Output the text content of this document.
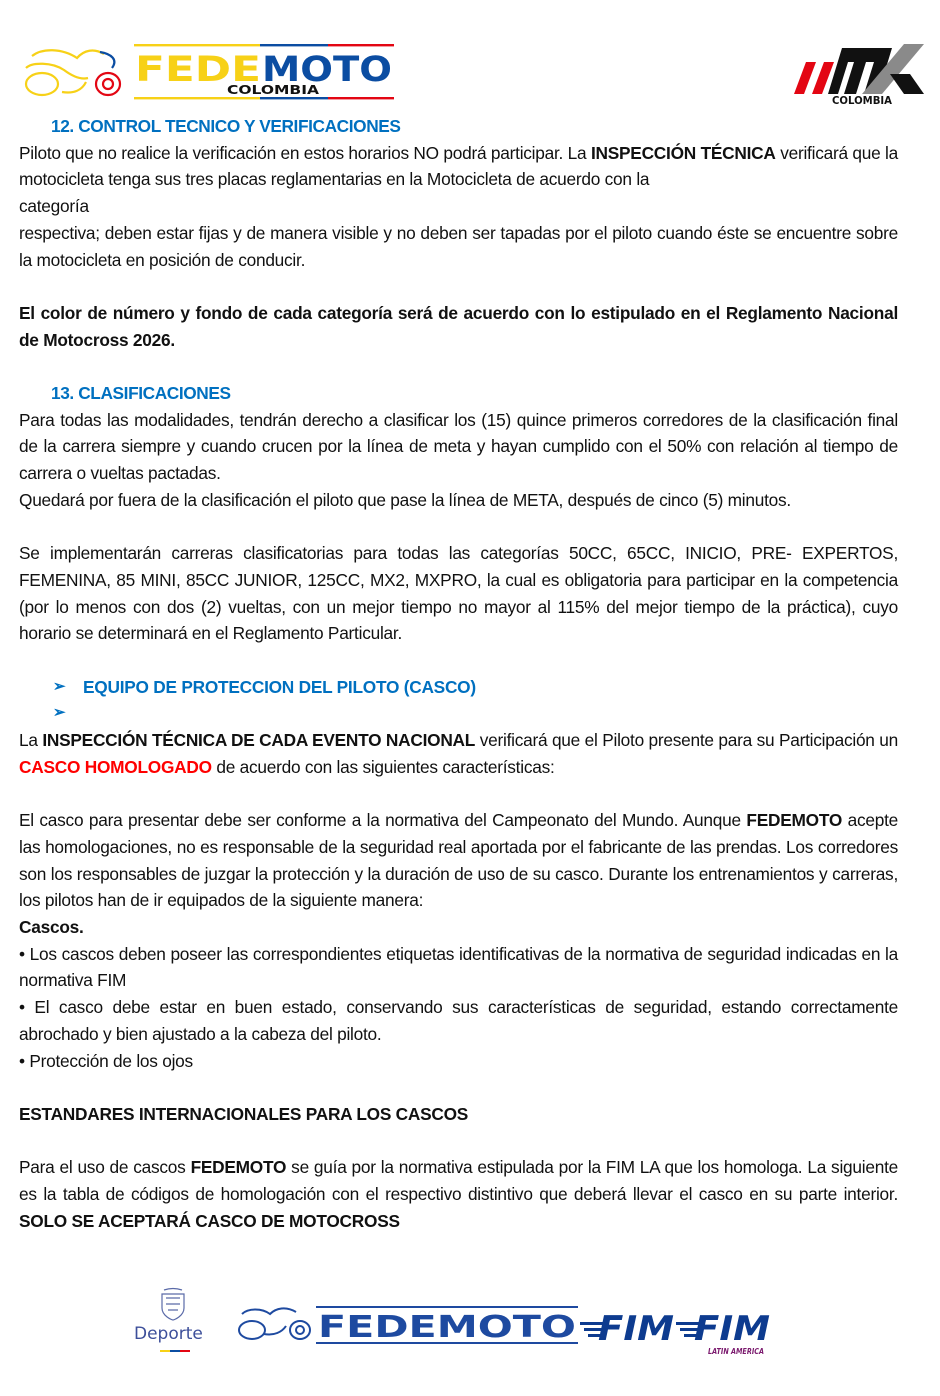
FEDE MOTO
COLOMBIA
COLOMBIA

12. CONTROL TECNICO Y VERIFICACIONES

Piloto que no realice la verificación en estos horarios NO podrá participar. La INSPECCIÓN TÉCNICA verificará que la motocicleta tenga sus tres placas reglamentarias en la Motocicleta de acuerdo con la

categoría

respectiva; deben estar fijas y de manera visible y no deben ser tapadas por el piloto cuando éste se encuentre sobre la motocicleta en posición de conducir.

El color de número y fondo de cada categoría será de acuerdo con lo estipulado en el Reglamento Nacional de Motocross 2026.

13. CLASIFICACIONES

Para todas las modalidades, tendrán derecho a clasificar los (15) quince primeros corredores de la clasificación final de la carrera siempre y cuando crucen por la línea de meta y hayan cumplido con el 50% con relación al tiempo de carrera o vueltas pactadas.

Quedará por fuera de la clasificación el piloto que pase la línea de META, después de cinco (5) minutos.

Se implementarán carreras clasificatorias para todas las categorías 50CC, 65CC, INICIO, PRE- EXPERTOS, FEMENINA, 85 MINI, 85CC JUNIOR, 125CC, MX2, MXPRO, la cual es obligatoria para participar en la competencia (por lo menos con dos (2) vueltas, con un mejor tiempo no mayor al 115% del mejor tiempo de la práctica), cuyo horario se determinará en el Reglamento Particular.

➢	EQUIPO DE PROTECCION DEL PILOTO (CASCO)
➢

La INSPECCIÓN TÉCNICA DE CADA EVENTO NACIONAL verificará que el Piloto presente para su Participación un CASCO HOMOLOGADO de acuerdo con las siguientes características:

El casco para presentar debe ser conforme a la normativa del Campeonato del Mundo. Aunque FEDEMOTO acepte las homologaciones, no es responsable de la seguridad real aportada por el fabricante de las prendas. Los corredores son los responsables de juzgar la protección y la duración de uso de su casco. Durante los entrenamientos y carreras, los pilotos han de ir equipados de la siguiente manera:

Cascos.

• Los cascos deben poseer las correspondientes etiquetas identificativas de la normativa de seguridad indicadas en la normativa FIM

• El casco debe estar en buen estado, conservando sus características de seguridad, estando correctamente abrochado y bien ajustado a la cabeza del piloto.

• Protección de los ojos

ESTANDARES INTERNACIONALES PARA LOS CASCOS

Para el uso de cascos FEDEMOTO se guía por la normativa estipulada por la FIM LA que los homologa. La siguiente es la tabla de códigos de homologación con el respectivo distintivo que deberá llevar el casco en su parte interior. SOLO SE ACEPTARÁ CASCO DE MOTOCROSS

Deporte	FEDEMOTO FIM FIM
LATIN AMERICA
